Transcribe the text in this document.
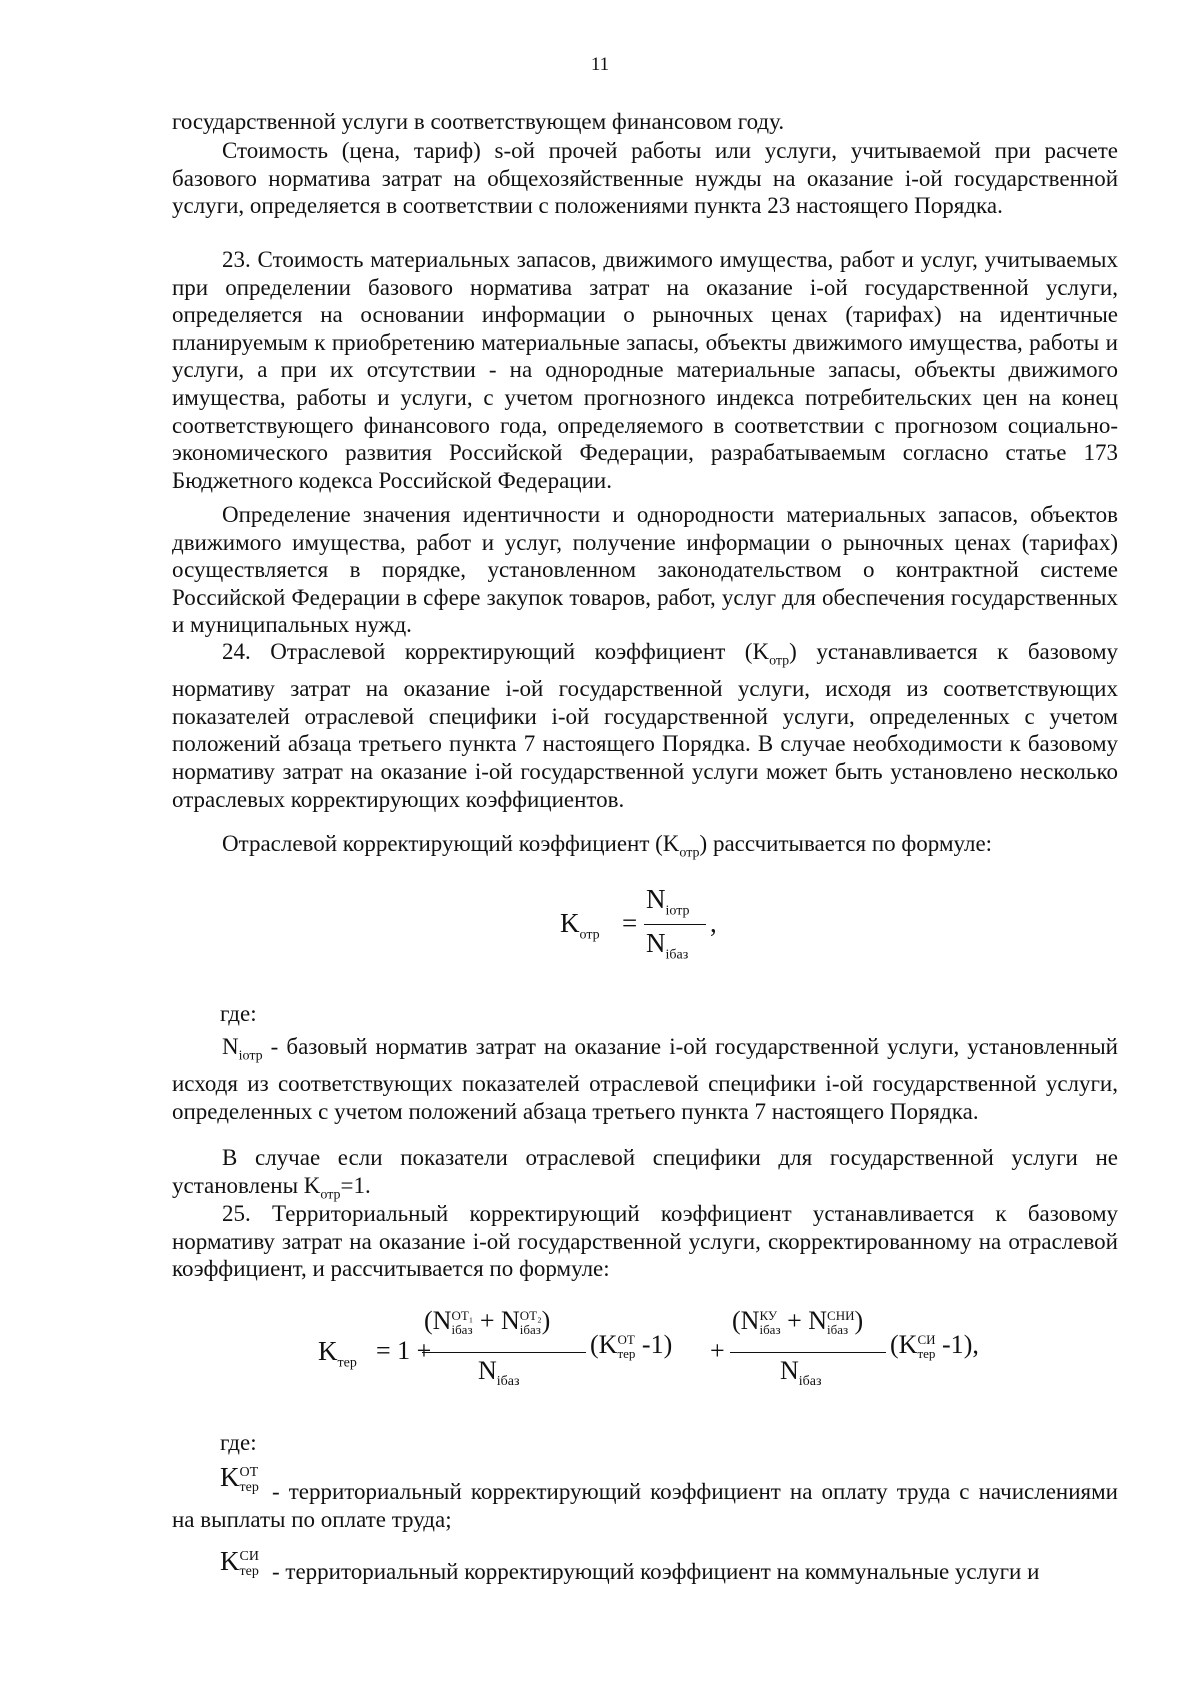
11

государственной услуги в соответствующем финансовом году.

Стоимость (цена, тариф) s-ой прочей работы или услуги, учитываемой при расчете базового норматива затрат на общехозяйственные нужды на оказание i-ой государственной услуги, определяется в соответствии с положениями пункта 23 настоящего Порядка.

23. Стоимость материальных запасов, движимого имущества, работ и услуг, учитываемых при определении базового норматива затрат на оказание i-ой государственной услуги, определяется на основании информации о рыночных ценах (тарифах) на идентичные планируемым к приобретению материальные запасы, объекты движимого имущества, работы и услуги, а при их отсутствии - на однородные материальные запасы, объекты движимого имущества, работы и услуги, с учетом прогнозного индекса потребительских цен на конец соответствующего финансового года, определяемого в соответствии с прогнозом социально-экономического развития Российской Федерации, разрабатываемым согласно статье 173 Бюджетного кодекса Российской Федерации.

Определение значения идентичности и однородности материальных запасов, объектов движимого имущества, работ и услуг, получение информации о рыночных ценах (тарифах) осуществляется в порядке, установленном законодательством о контрактной системе Российской Федерации в сфере закупок товаров, работ, услуг для обеспечения государственных и муниципальных нужд.

24. Отраслевой корректирующий коэффициент $(K_{отр})$ устанавливается к базовому нормативу затрат на оказание i-ой государственной услуги, исходя из соответствующих показателей отраслевой специфики i-ой государственной услуги, определенных с учетом положений абзаца третьего пункта 7 настоящего Порядка. В случае необходимости к базовому нормативу затрат на оказание i-ой государственной услуги может быть установлено несколько отраслевых корректирующих коэффициентов.

Отраслевой корректирующий коэффициент $(K_{отр})$ рассчитывается по формуле:

$K_{отр}$ =
$N_{iотр}$
$N_{iбаз}$
,

где:

$N_{iотр}$ - базовый норматив затрат на оказание i-ой государственной услуги, установленный исходя из соответствующих показателей отраслевой специфики i-ой государственной услуги, определенных с учетом положений абзаца третьего пункта 7 настоящего Порядка.

В случае если показатели отраслевой специфики для государственной услуги не установлены $K_{отр}=1$.

25. Территориальный корректирующий коэффициент устанавливается к базовому нормативу затрат на оказание i-ой государственной услуги, скорректированному на отраслевой коэффициент, и рассчитывается по формуле:

$K_{тер} = 1$ +
(N ОТ₁
iбаз + N ОТ₂
iбаз )
$N_{iбаз}$
(K ОТ
тер -1) +
(N КУ
iбаз + N СНИ
iбаз )
$N_{iбаз}$
(K СИ
тер -1),

где:

K ОТ
тер - территориальный корректирующий коэффициент на оплату труда с начислениями на выплаты по оплате труда;

K СИ
тер - территориальный корректирующий коэффициент на коммунальные услуги и
